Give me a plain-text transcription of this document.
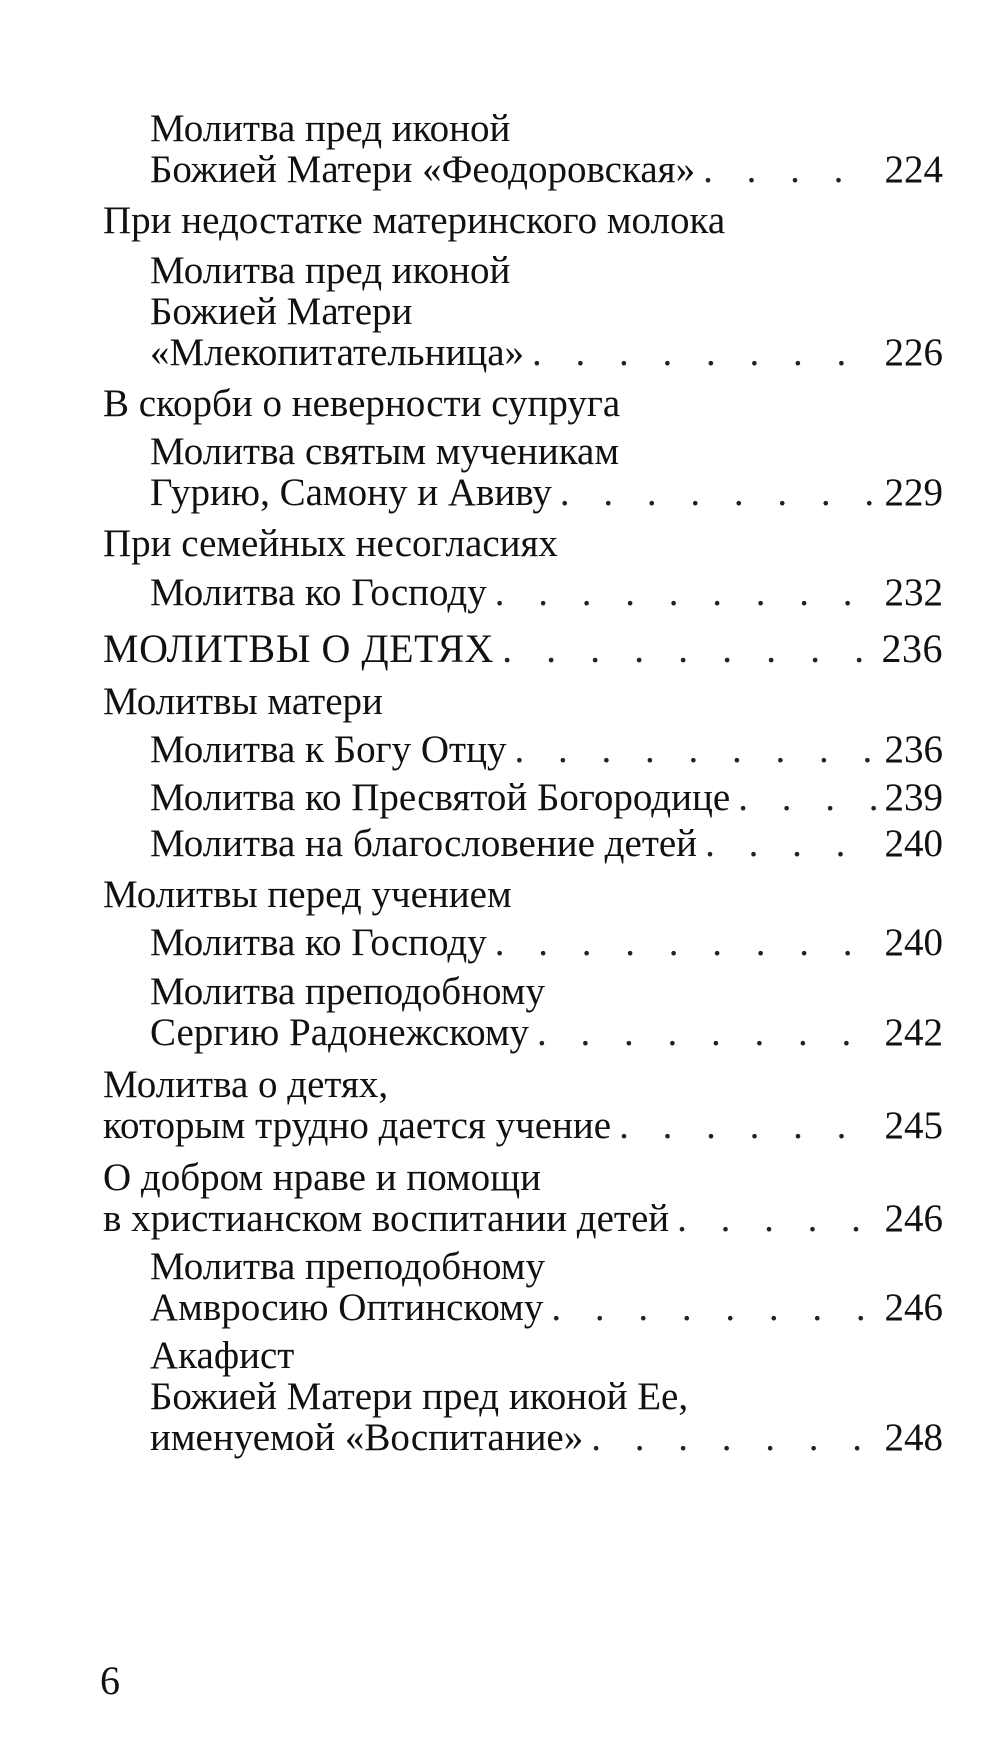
Молитва пред иконой
Божией Матери «Феодоровская» . . .	224
При недостатке материнского молока
Молитва пред иконой
Божией Матери
«Млекопитательница» . . .	226
В скорби о неверности супруга
Молитва святым мученикам
Гурию, Самону и Авиву . . .	229
При семейных несогласиях
Молитва ко Господу . . .	232
МОЛИТВЫ О ДЕТЯХ . . .	236
Молитвы матери
Молитва к Богу Отцу . . .	236
Молитва ко Пресвятой Богородице . . .	239
Молитва на благословение детей . . .	240
Молитвы перед учением
Молитва ко Господу . . .	240
Молитва преподобному
Сергию Радонежскому . . .	242
Молитва о детях,
которым трудно дается учение . . .	245
О добром нраве и помощи
в христианском воспитании детей . . .	246
Молитва преподобному
Амвросию Оптинскому . . .	246
Акафист
Божией Матери пред иконой Ее,
именуемой «Воспитание» . . .	248
6
